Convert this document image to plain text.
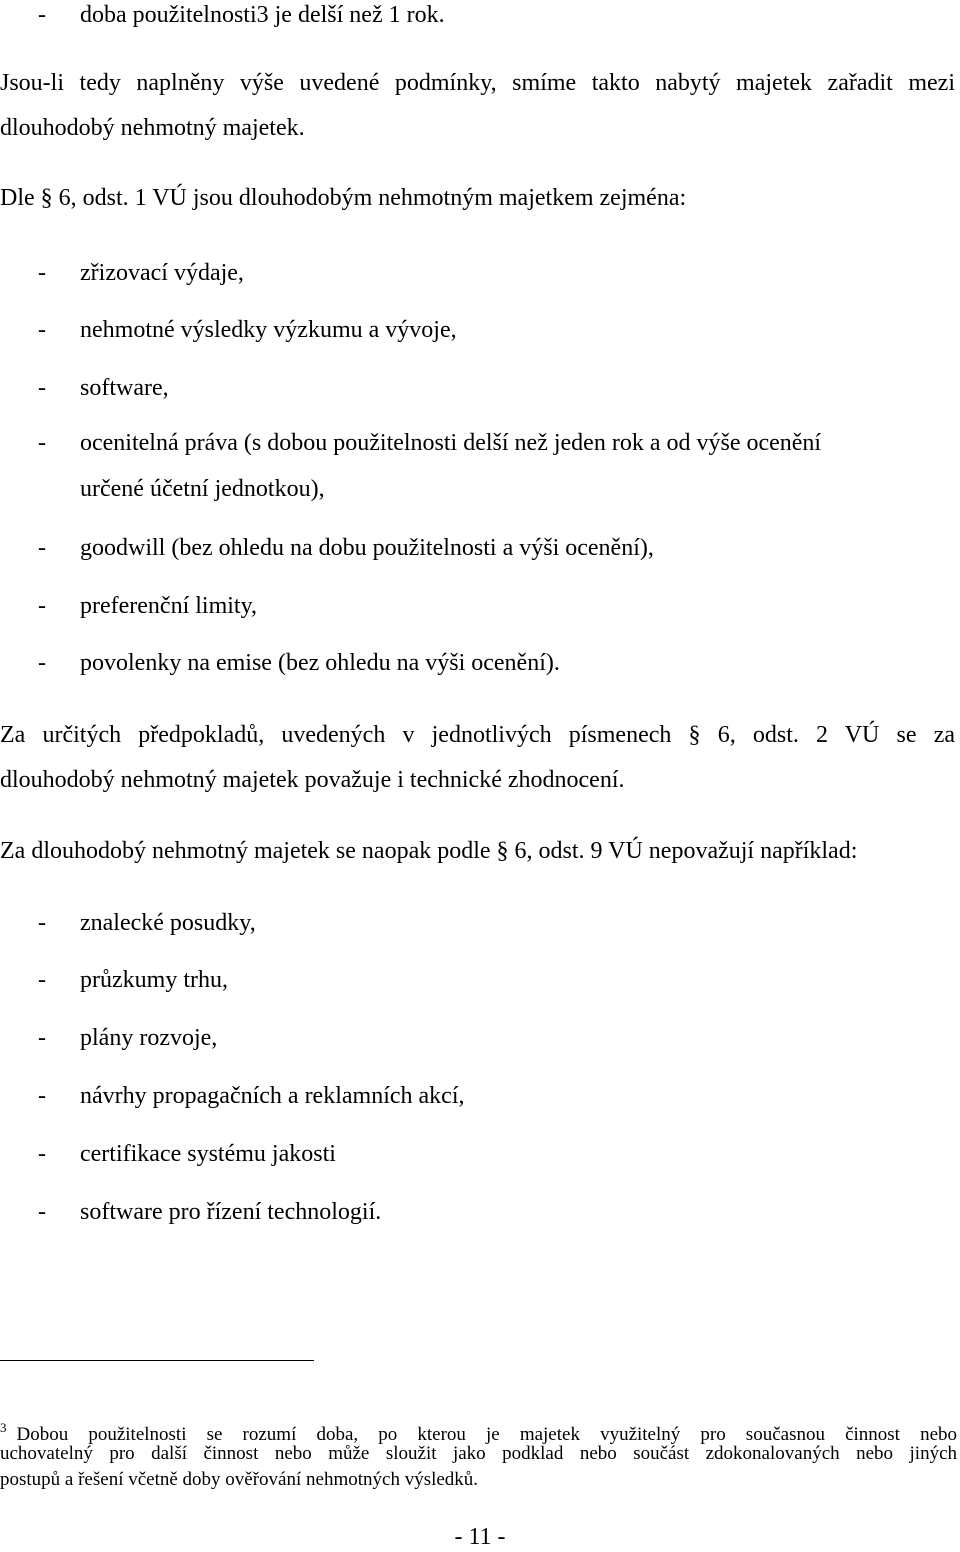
- doba použitelnosti3 je delší než 1 rok.
Jsou-li tedy naplněny výše uvedené podmínky, smíme takto nabytý majetek zařadit mezi
dlouhodobý nehmotný majetek.
Dle § 6, odst. 1 VÚ jsou dlouhodobým nehmotným majetkem zejména:
- zřizovací výdaje,
- nehmotné výsledky výzkumu a vývoje,
- software,
- ocenitelná práva (s dobou použitelnosti delší než jeden rok a od výše ocenění
určené účetní jednotkou),
- goodwill (bez ohledu na dobu použitelnosti a výši ocenění),
- preferenční limity,
- povolenky na emise (bez ohledu na výši ocenění).
Za určitých předpokladů, uvedených v jednotlivých písmenech § 6, odst. 2 VÚ se za
dlouhodobý nehmotný majetek považuje i technické zhodnocení.
Za dlouhodobý nehmotný majetek se naopak podle § 6, odst. 9 VÚ nepovažují například:
- znalecké posudky,
- průzkumy trhu,
- plány rozvoje,
- návrhy propagačních a reklamních akcí,
- certifikace systému jakosti
- software pro řízení technologií.
$^3$ Dobou použitelnosti se rozumí doba, po kterou je majetek využitelný pro současnou činnost nebo
uchovatelný pro další činnost nebo může sloužit jako podklad nebo součást zdokonalovaných nebo jiných
postupů a řešení včetně doby ověřování nehmotných výsledků.
- 11 -
